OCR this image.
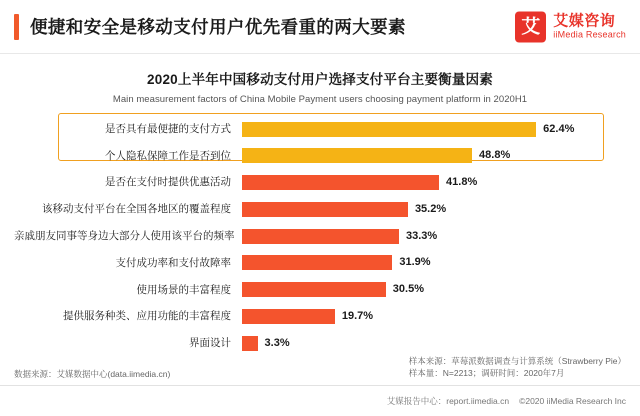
便捷和安全是移动支付用户优先看重的两大要素	艾 艾媒咨询
iiMedia Research
2020上半年中国移动支付用户选择支付平台主要衡量因素
Main measurement factors of China Mobile Payment users choosing payment platform in 2020H1
是否具有最便捷的支付方式	62.4%
个人隐私保障工作是否到位	48.8%
是否在支付时提供优惠活动	41.8%
该移动支付平台在全国各地区的覆盖程度	35.2%
亲戚朋友同事等身边大部分人使用该平台的频率	33.3%
支付成功率和支付故障率	31.9%
使用场景的丰富程度	30.5%
提供服务种类、应用功能的丰富程度	19.7%
界面设计	3.3%
数据来源：艾媒数据中心(data.iimedia.cn)
样本来源：草莓派数据调查与计算系统（Strawberry Pie）
样本量：N=2213；调研时间：2020年7月
艾媒报告中心：report.iimedia.cn ©2020 iiMedia Research Inc
